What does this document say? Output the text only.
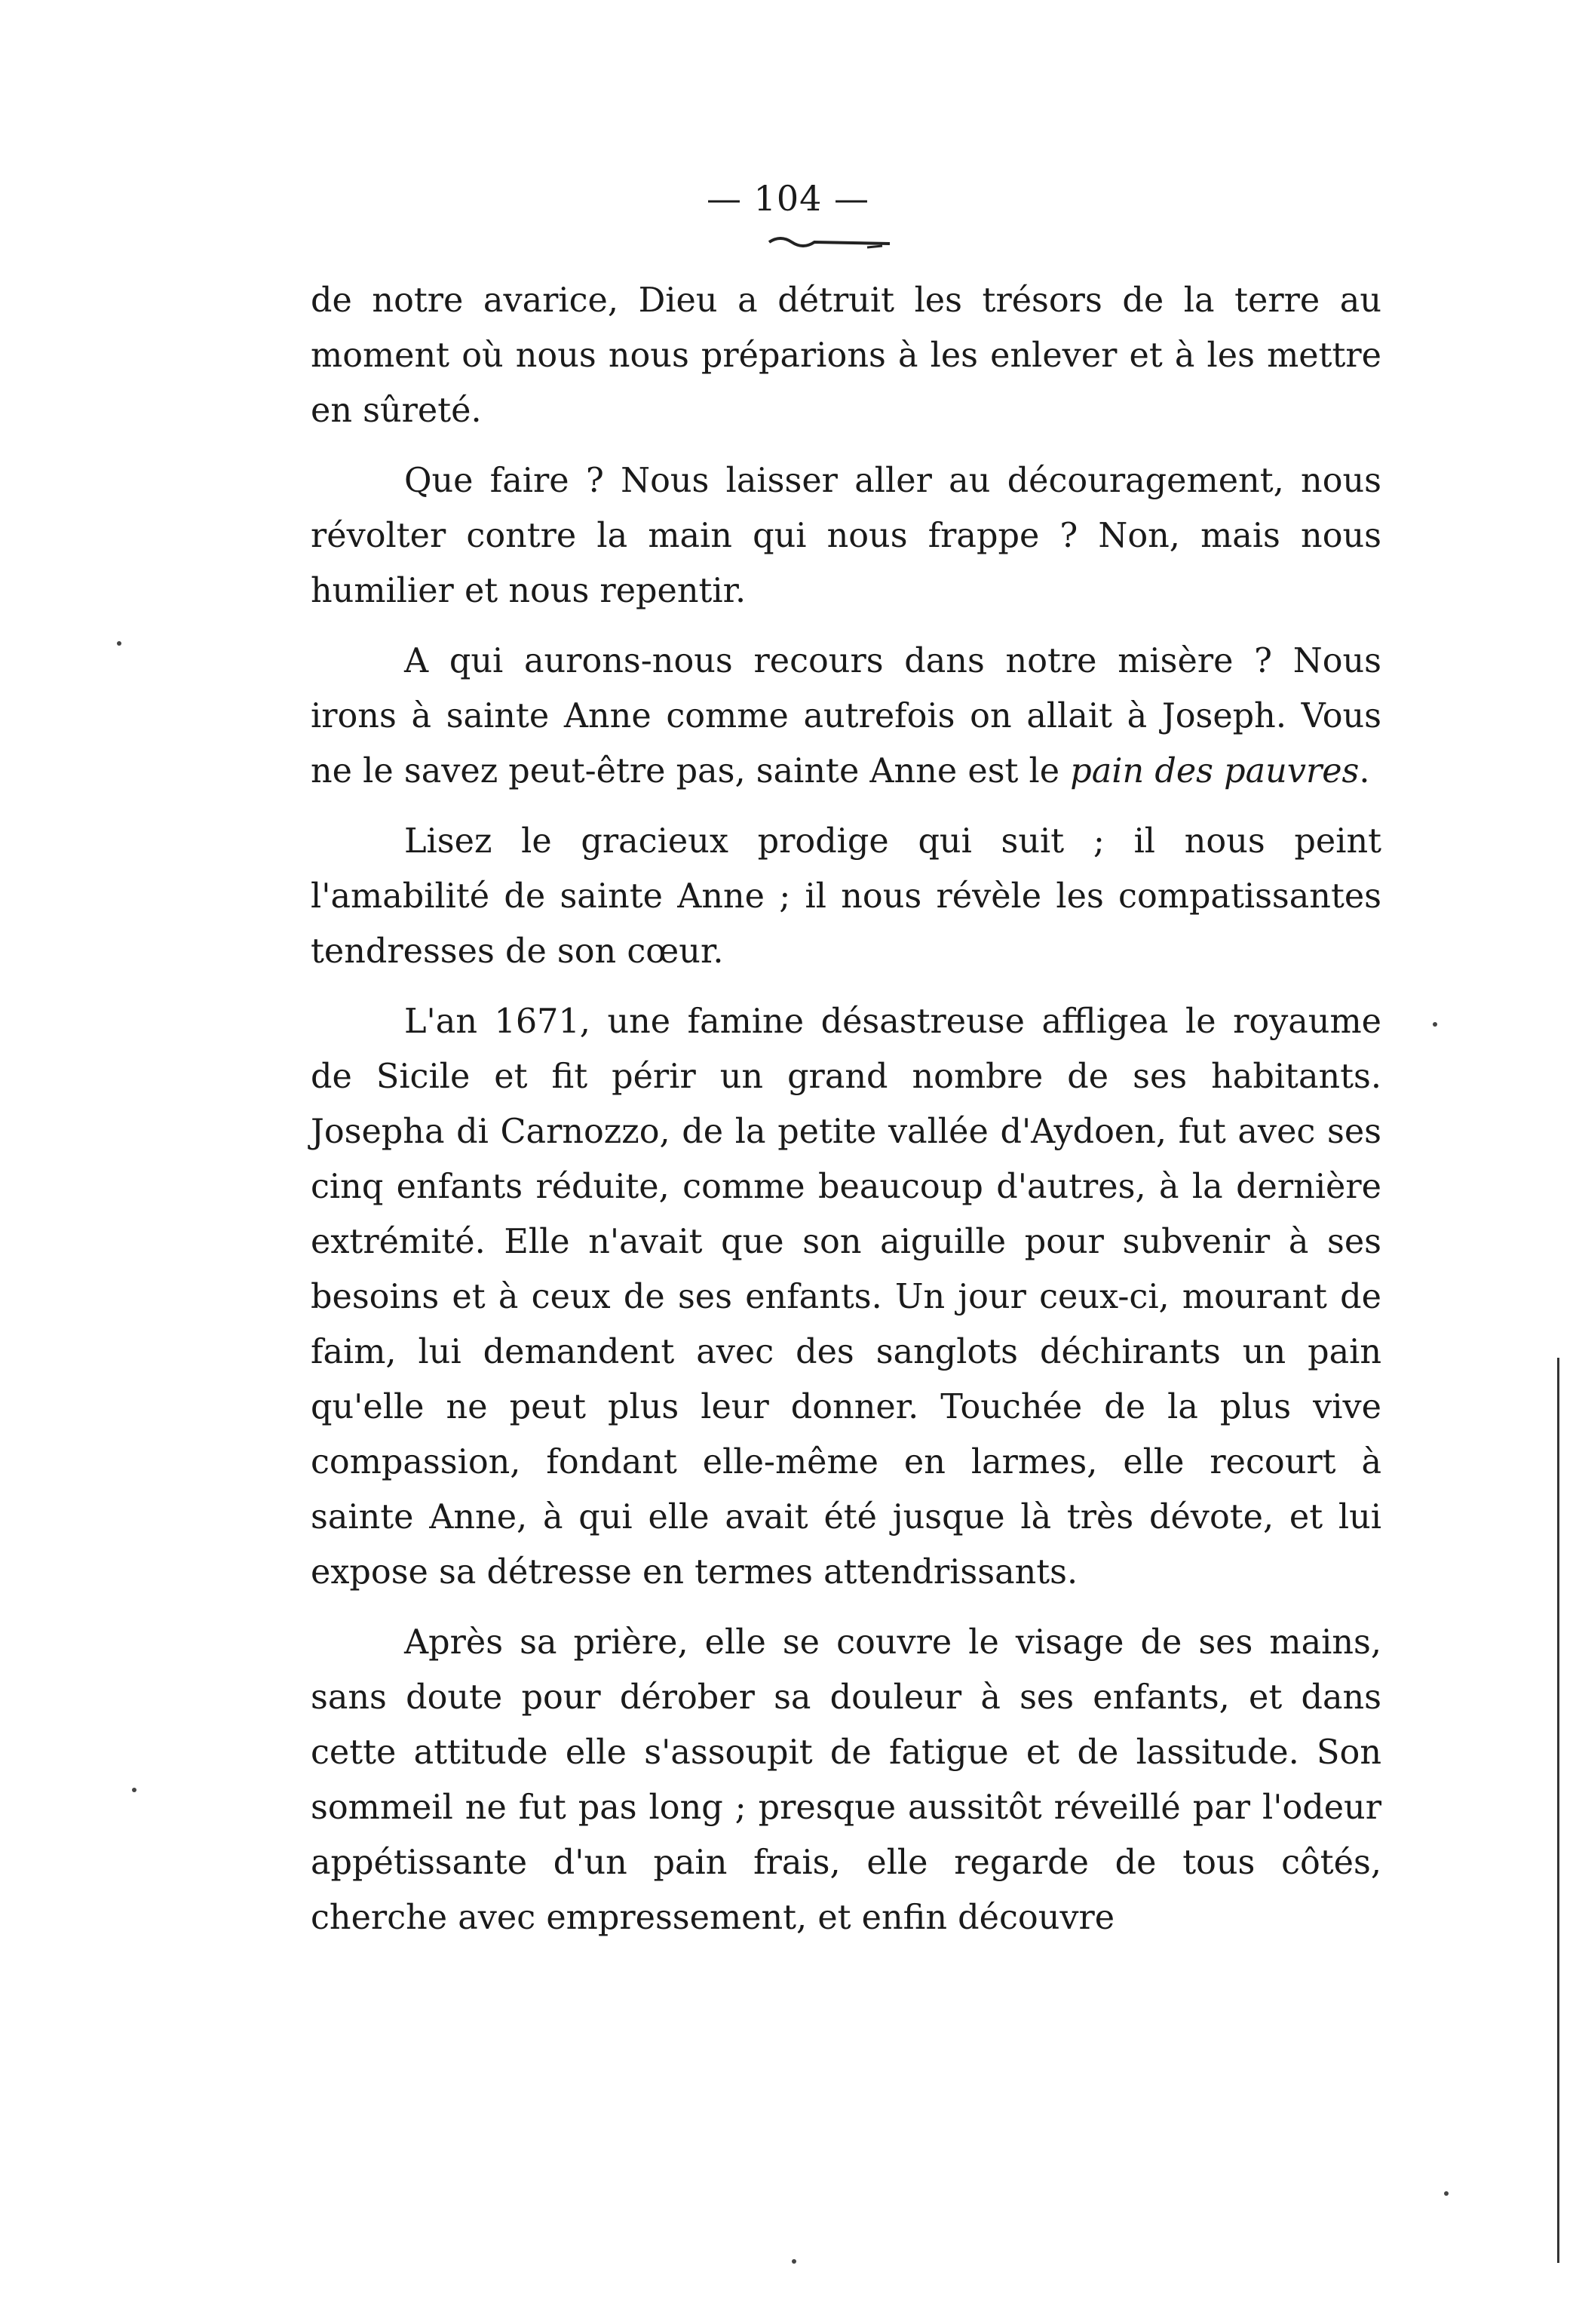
— 104 —

de notre avarice, Dieu a détruit les trésors de la terre au moment où nous nous préparions à les enlever et à les mettre en sûreté.

Que faire ? Nous laisser aller au découragement, nous révolter contre la main qui nous frappe ? Non, mais nous humilier et nous repentir.

A qui aurons-nous recours dans notre misère ? Nous irons à sainte Anne comme autrefois on allait à Joseph. Vous ne le savez peut-être pas, sainte Anne est le pain des pauvres.

Lisez le gracieux prodige qui suit ; il nous peint l'amabilité de sainte Anne ; il nous révèle les compatissantes tendresses de son cœur.

L'an 1671, une famine désastreuse affligea le royaume de Sicile et fit périr un grand nombre de ses habitants. Josepha di Carnozzo, de la petite vallée d'Aydoen, fut avec ses cinq enfants réduite, comme beaucoup d'autres, à la dernière extrémité. Elle n'avait que son aiguille pour subvenir à ses besoins et à ceux de ses enfants. Un jour ceux-ci, mourant de faim, lui demandent avec des sanglots déchirants un pain qu'elle ne peut plus leur donner. Touchée de la plus vive compassion, fondant elle-même en larmes, elle recourt à sainte Anne, à qui elle avait été jusque là très dévote, et lui expose sa détresse en termes attendrissants.

Après sa prière, elle se couvre le visage de ses mains, sans doute pour dérober sa douleur à ses enfants, et dans cette attitude elle s'assoupit de fatigue et de lassitude. Son sommeil ne fut pas long ; presque aussitôt réveillé par l'odeur appétissante d'un pain frais, elle regarde de tous côtés, cherche avec empressement, et enfin découvre
